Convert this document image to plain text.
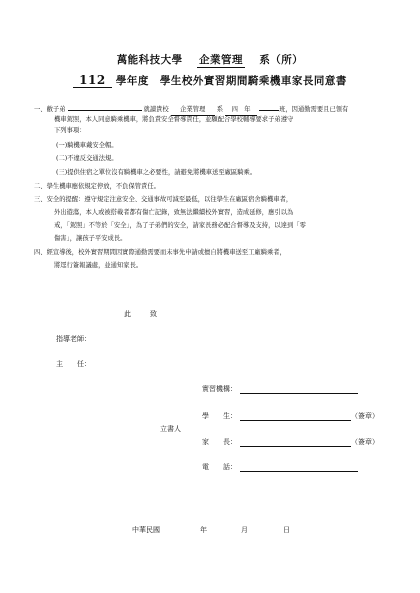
萬能科技大學 企業管理 系（所）
112 學年度　學生校外實習期間騎乘機車家長同意書
一、敝子弟	就讀貴校 企業管理 系 四　年	班，因通勤需要且已領有
機車駕照，本人同意騎乘機車，將負責安全督導責任，並願配合學校輔導要求子弟遵守
下列事項：
(一)騎機車戴安全帽。
(二)不違反交通法規。
(三)提供住宿之單位沒有騎機車之必要性，請避免將機車送至廠區騎乘。
二、學生機車應依規定停放，不負保管責任。
三、安全的提醒：遵守規定注意安全、交通事故可減至最低，以往學生在廠區宿舍騎機車者，
外出遊蕩，本人或被搭載者都有傷亡記錄，致無法繼續校外實習，造成延修，應引以為
戒，「駕照」不等於「安全」，為了子弟們的安全，請家長務必配合督導及支持，以達到「零
傷害」，讓孩子平安成長。
四、經宣導後，校外實習期間因實際通勤需要而未事先申請或擅自將機車送至工廠騎乘者，
將逕行簽報議處，並通知家長。
此	致
指導老師：
主　　任：
實習機構：
學　　生：	（簽章）
立書人
家　　長：	（簽章）
電　　話：
中華民國	年	月	日
